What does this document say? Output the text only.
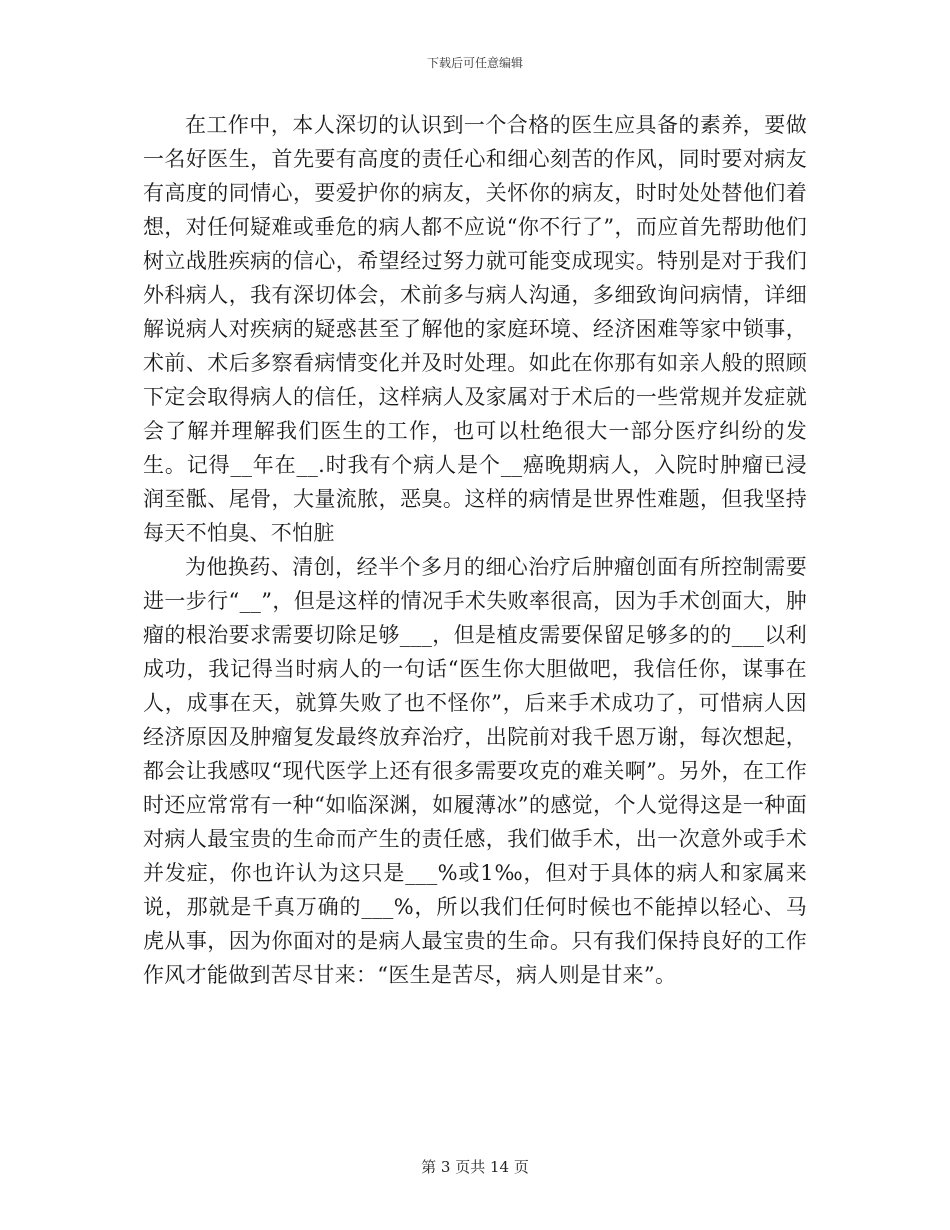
下载后可任意编辑

在工作中，本人深切的认识到一个合格的医生应具备的素养，要做一名好医生，首先要有高度的责任心和细心刻苦的作风，同时要对病友有高度的同情心，要爱护你的病友，关怀你的病友，时时处处替他们着想，对任何疑难或垂危的病人都不应说“你不行了”，而应首先帮助他们树立战胜疾病的信心，希望经过努力就可能变成现实。特别是对于我们外科病人，我有深切体会，术前多与病人沟通，多细致询问病情，详细解说病人对疾病的疑惑甚至了解他的家庭环境、经济困难等家中锁事，术前、术后多察看病情变化并及时处理。如此在你那有如亲人般的照顾下定会取得病人的信任，这样病人及家属对于术后的一些常规并发症就会了解并理解我们医生的工作，也可以杜绝很大一部分医疗纠纷的发生。记得__年在__.时我有个病人是个__癌晚期病人，入院时肿瘤已浸润至骶、尾骨，大量流脓，恶臭。这样的病情是世界性难题，但我坚持每天不怕臭、不怕脏

为他换药、清创，经半个多月的细心治疗后肿瘤创面有所控制需要进一步行“__”，但是这样的情况手术失败率很高，因为手术创面大，肿瘤的根治要求需要切除足够___，但是植皮需要保留足够多的的___以利成功，我记得当时病人的一句话“医生你大胆做吧，我信任你，谋事在人，成事在天，就算失败了也不怪你”，后来手术成功了，可惜病人因经济原因及肿瘤复发最终放弃治疗，出院前对我千恩万谢，每次想起，都会让我感叹“现代医学上还有很多需要攻克的难关啊”。另外，在工作时还应常常有一种“如临深渊，如履薄冰”的感觉，个人觉得这是一种面对病人最宝贵的生命而产生的责任感，我们做手术，出一次意外或手术并发症，你也许认为这只是___%或1‰，但对于具体的病人和家属来说，那就是千真万确的___%，所以我们任何时候也不能掉以轻心、马虎从事，因为你面对的是病人最宝贵的生命。只有我们保持良好的工作作风才能做到苦尽甘来：“医生是苦尽，病人则是甘来”。

第 3 页共 14 页
